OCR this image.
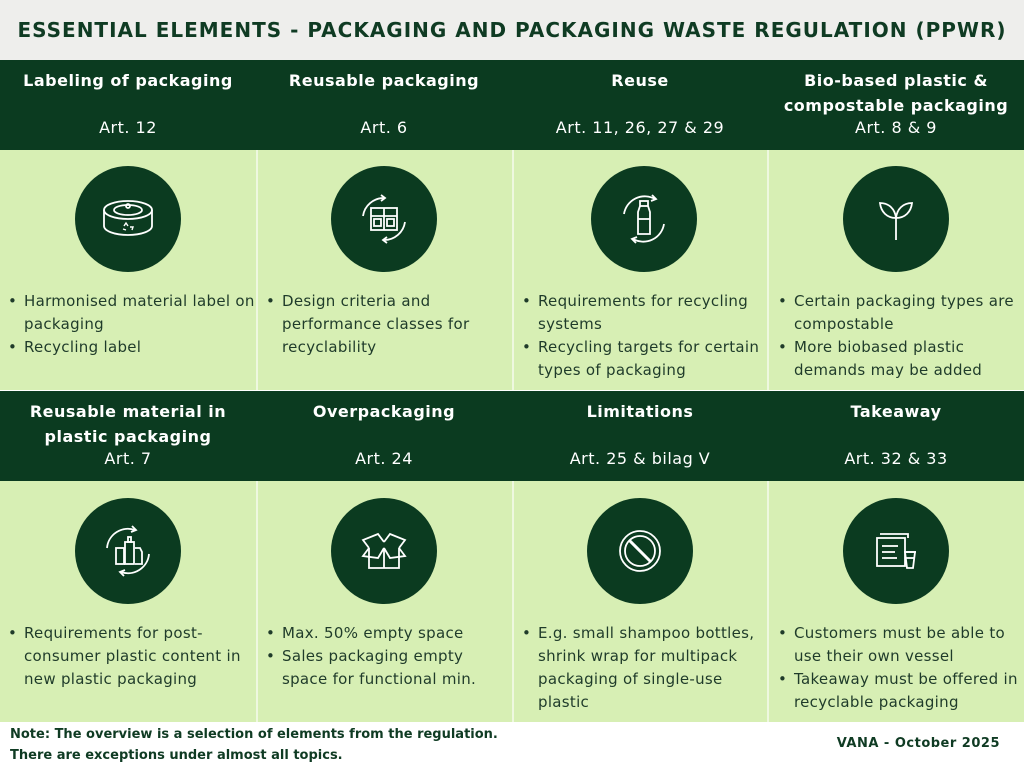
ESSENTIAL ELEMENTS - PACKAGING AND PACKAGING WASTE REGULATION (PPWR)
Labeling of packaging
Art. 12
Reusable packaging
Art. 6
Reuse
Art. 11, 26, 27 & 29
Bio-based plastic & compostable packaging
Art. 8 & 9
• Harmonised material label on packaging
• Recycling label
• Design criteria and performance classes for recyclability
• Requirements for recycling systems
• Recycling targets for certain types of packaging
• Certain packaging types are compostable
• More biobased plastic demands may be added
Reusable material in plastic packaging
Art. 7
Overpackaging
Art. 24
Limitations
Art. 25 & bilag V
Takeaway
Art. 32 & 33
• Requirements for post-consumer plastic content in new plastic packaging
• Max. 50% empty space
• Sales packaging empty space for functional min.
• E.g. small shampoo bottles, shrink wrap for multipack packaging of single-use plastic
• Customers must be able to use their own vessel
• Takeaway must be offered in recyclable packaging
Note: The overview is a selection of elements from the regulation. There are exceptions under almost all topics.
VANA - October 2025
